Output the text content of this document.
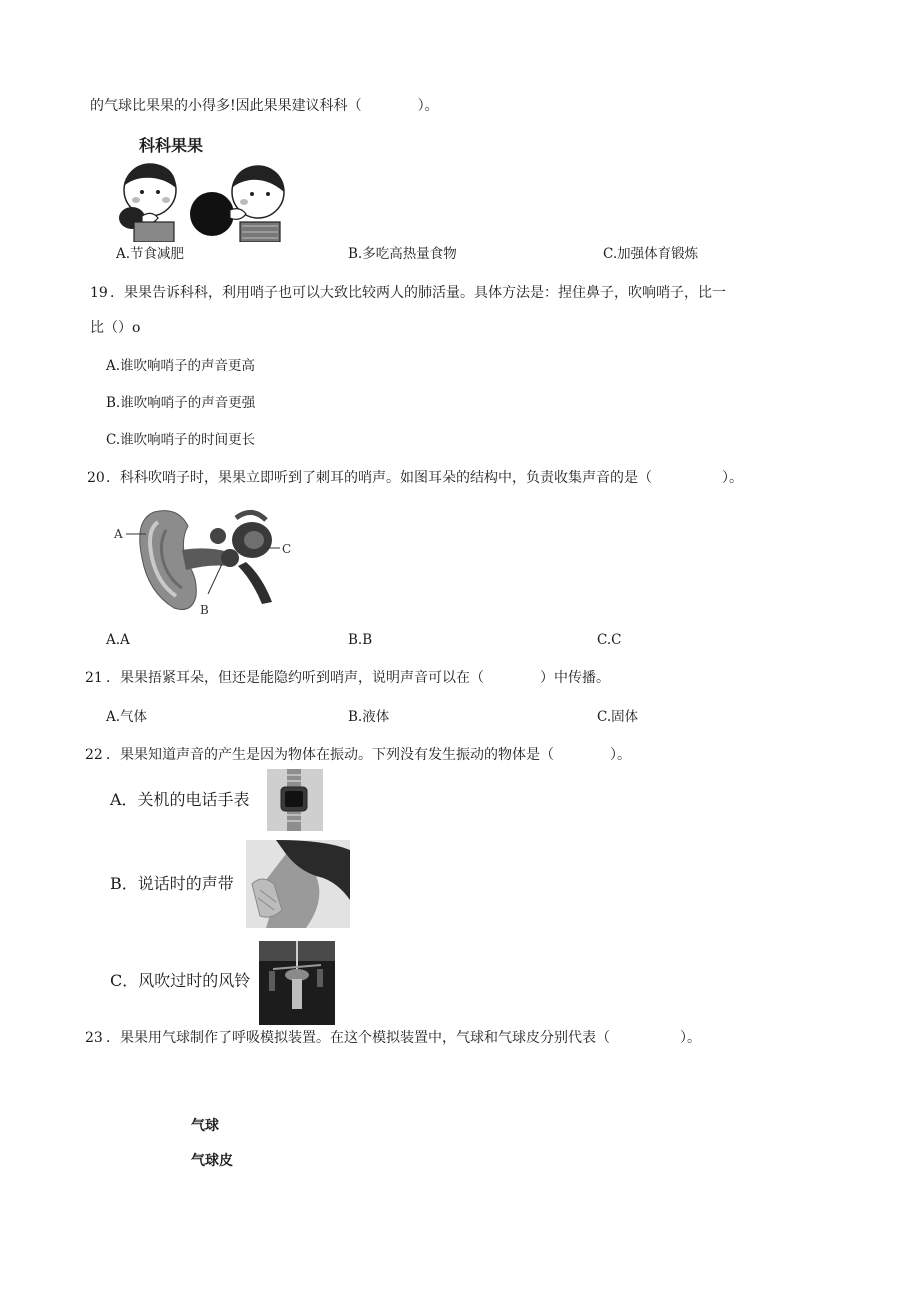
的气球比果果的小得多!因此果果建议科科（　　　　）。
科科果果
A.节食减肥	B.多吃高热量食物	C.加强体育锻炼
19 ．果果告诉科科，利用哨子也可以大致比较两人的肺活量。具体方法是：捏住鼻子，吹响哨子，比一
比（）o
A.谁吹响哨子的声音更高
B.谁吹响哨子的声音更强
C.谁吹响哨子的时间更长
20 ．科科吹哨子时，果果立即听到了刺耳的哨声。如图耳朵的结构中，负责收集声音的是（　　　　　）。
A
B
C
A.A	B.B	C.C
21 ．果果捂紧耳朵，但还是能隐约听到哨声，说明声音可以在（　　　　）中传播。
A.气体	B.液体	C.固体
22 ．果果知道声音的产生是因为物体在振动。下列没有发生振动的物体是（　　　　）。
A．关机的电话手表
B．说话时的声带
C．风吹过时的风铃
23 ．果果用气球制作了呼吸模拟装置。在这个模拟装置中，气球和气球皮分别代表（　　　　　）。
气球
气球皮
